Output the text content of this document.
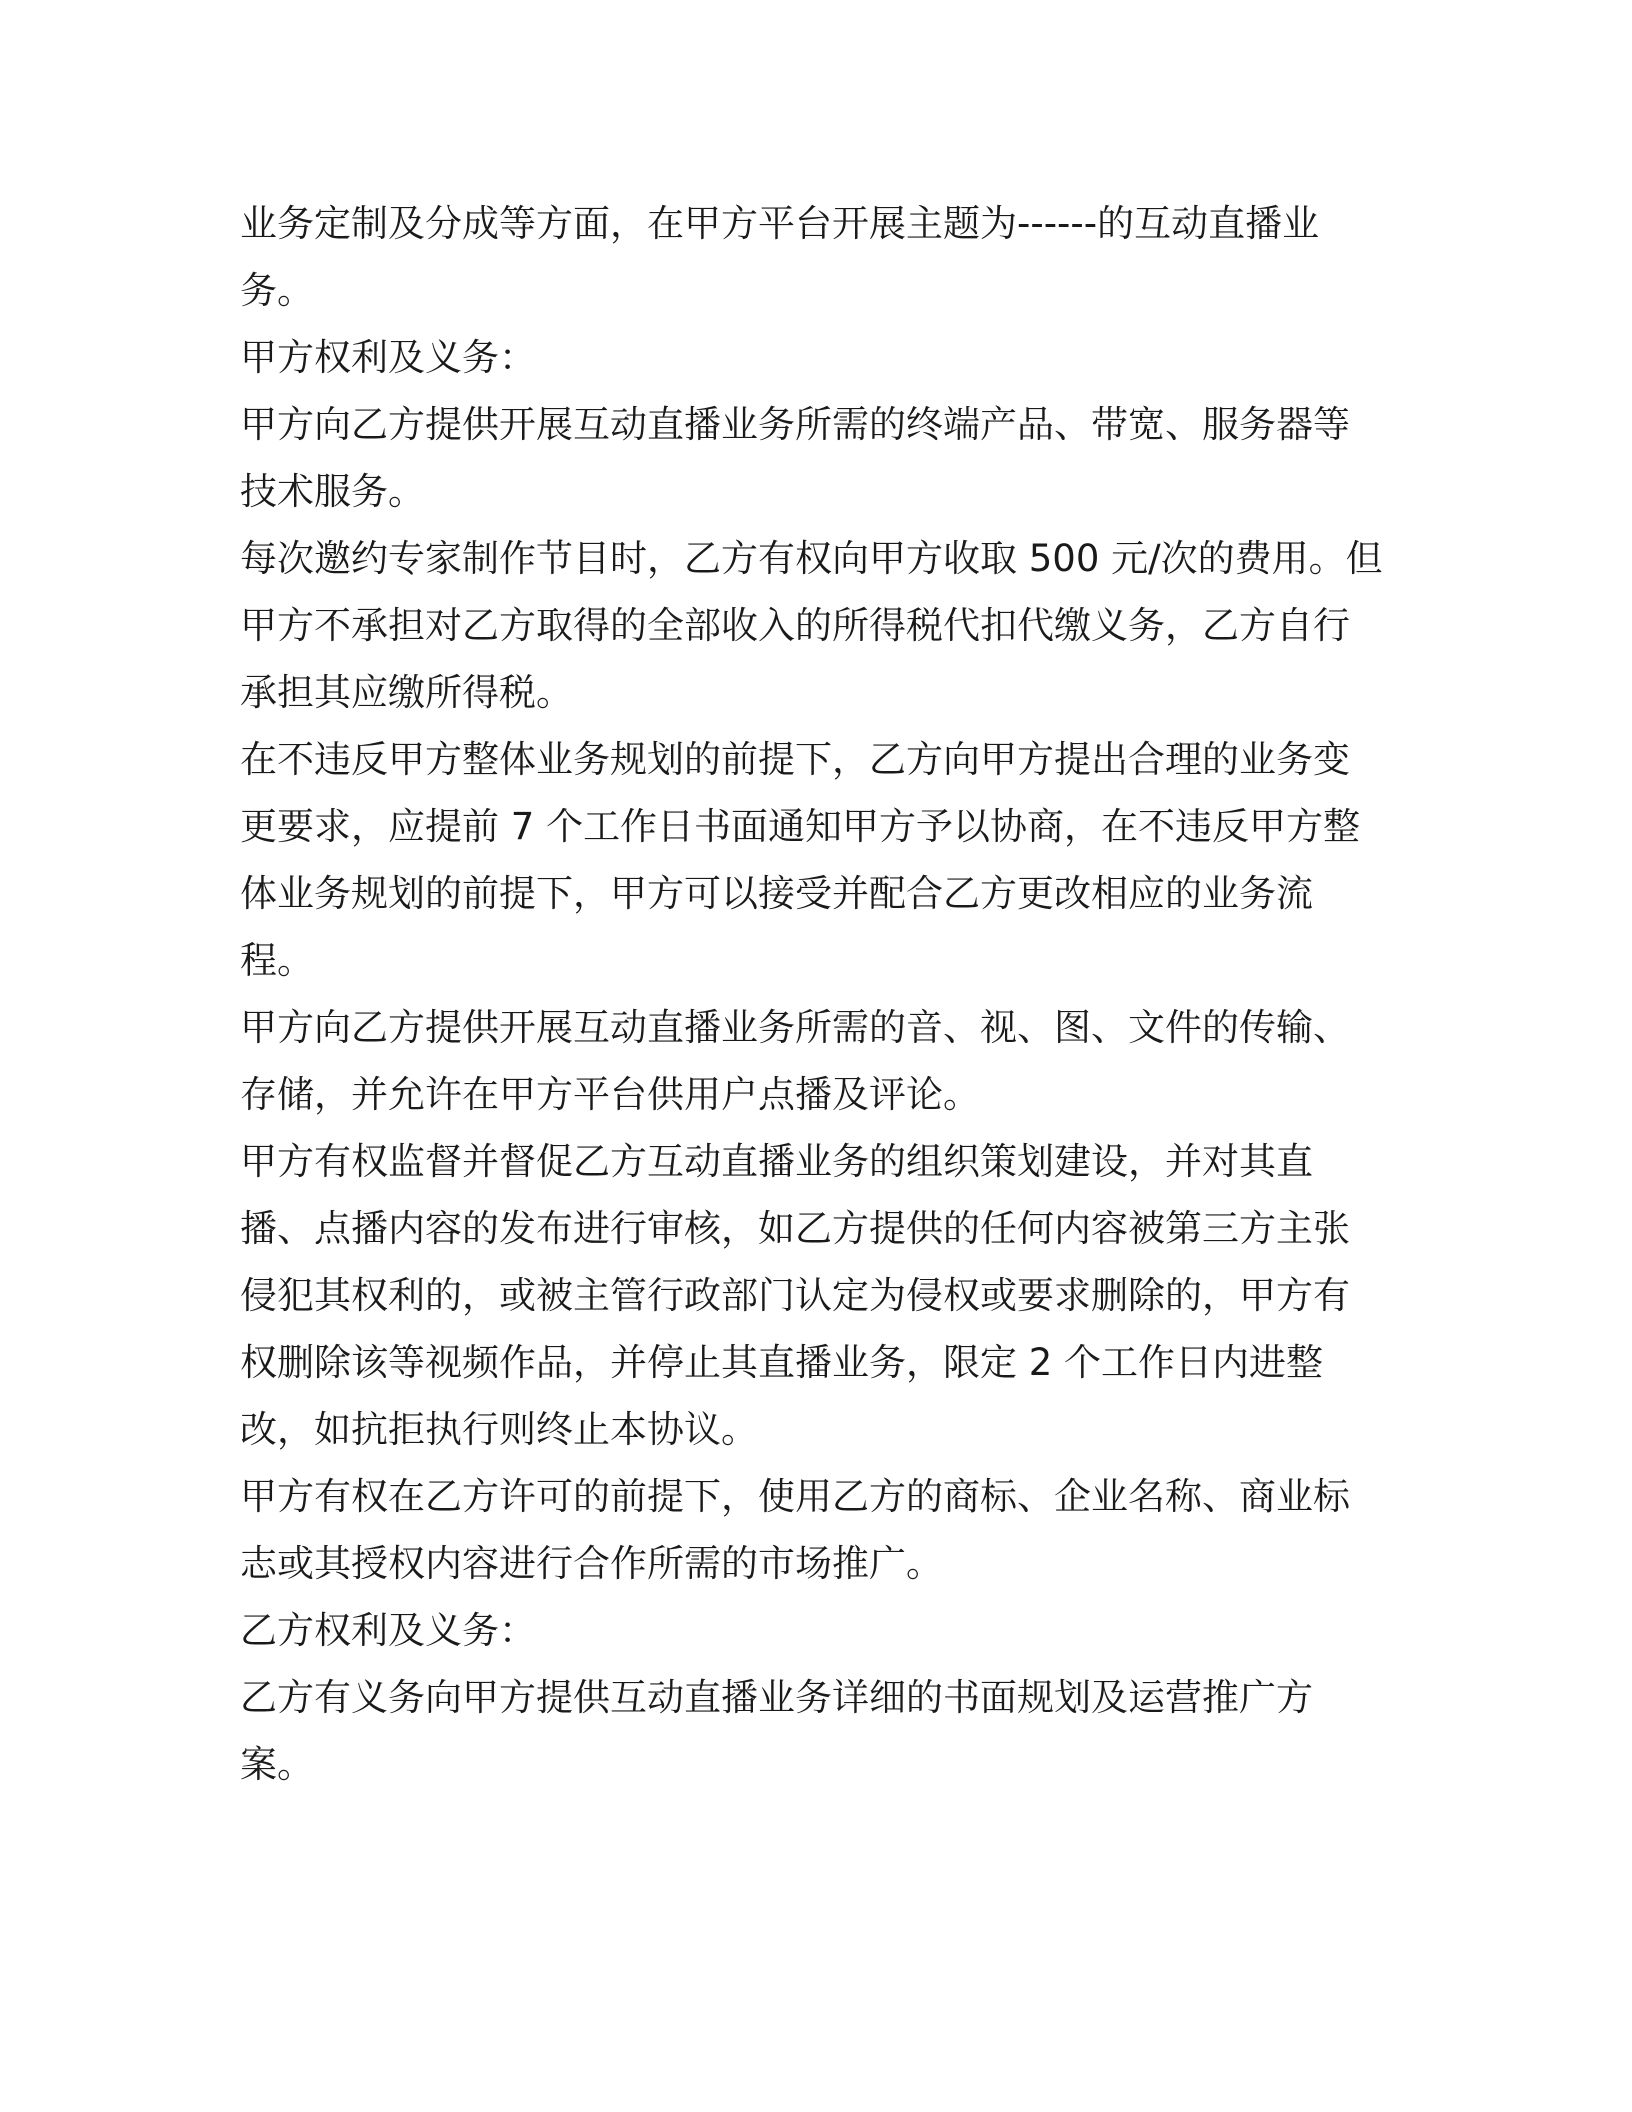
业务定制及分成等方面，在甲方平台开展主题为------的互动直播业

务。

甲方权利及义务：

甲方向乙方提供开展互动直播业务所需的终端产品、带宽、服务器等

技术服务。

每次邀约专家制作节目时，乙方有权向甲方收取 500 元/次的费用。但

甲方不承担对乙方取得的全部收入的所得税代扣代缴义务，乙方自行

承担其应缴所得税。

在不违反甲方整体业务规划的前提下，乙方向甲方提出合理的业务变

更要求，应提前 7 个工作日书面通知甲方予以协商，在不违反甲方整

体业务规划的前提下，甲方可以接受并配合乙方更改相应的业务流

程。

甲方向乙方提供开展互动直播业务所需的音、视、图、文件的传输、

存储，并允许在甲方平台供用户点播及评论。

甲方有权监督并督促乙方互动直播业务的组织策划建设，并对其直

播、点播内容的发布进行审核，如乙方提供的任何内容被第三方主张

侵犯其权利的，或被主管行政部门认定为侵权或要求删除的，甲方有

权删除该等视频作品，并停止其直播业务，限定 2 个工作日内进整

改，如抗拒执行则终止本协议。

甲方有权在乙方许可的前提下，使用乙方的商标、企业名称、商业标

志或其授权内容进行合作所需的市场推广。

乙方权利及义务：

乙方有义务向甲方提供互动直播业务详细的书面规划及运营推广方

案。
